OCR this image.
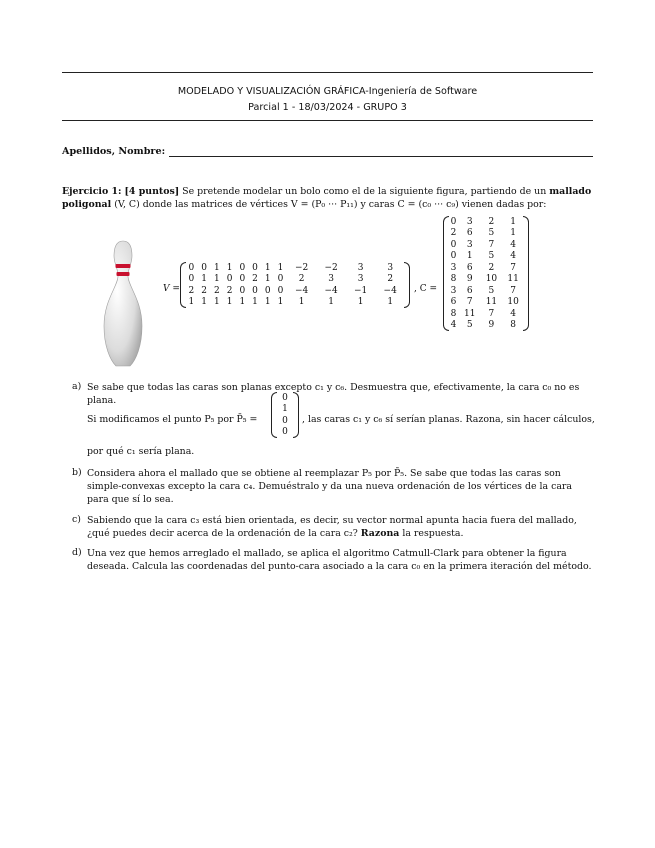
MODELADO Y VISUALIZACIÓN GRÁFICA-Ingeniería de Software
Parcial 1 - 18/03/2024 - GRUPO 3
Apellidos, Nombre:
Ejercicio 1: [4 puntos] Se pretende modelar un bolo como el de la siguiente figura, partiendo de un mallado poligonal (V, C) donde las matrices de vértices V = (P₀ ··· P₁₁) y caras C = (c₀ ··· c₉) vienen dadas por:
V =
0	0	1	1	0	0	1	1	−2	−2	3	3
0	1	1	0	0	2	1	0	2	3	3	2
2	2	2	2	0	0	0	0	−4	−4	−1	−4
1	1	1	1	1	1	1	1	1	1	1	1
, C =
0	3	2	1
2	6	5	1
0	3	7	4
0	1	5	4
3	6	2	7
8	9	10	11
3	6	5	7
6	7	11	10
8	11	7	4
4	5	9	8
a) Se sabe que todas las caras son planas excepto c₁ y c₆. Desmuestra que, efectivamente, la cara c₀ no es plana.
Si modificamos el punto P₅ por P̄₅ =
0
1
0
0
, las caras c₁ y c₆ sí serían planas. Razona, sin hacer cálculos,
por qué c₁ sería plana.
b) Considera ahora el mallado que se obtiene al reemplazar P₅ por P̄₅. Se sabe que todas las caras son simple-convexas excepto la cara c₄. Demuéstralo y da una nueva ordenación de los vértices de la cara para que sí lo sea.
c) Sabiendo que la cara c₃ está bien orientada, es decir, su vector normal apunta hacia fuera del mallado, ¿qué puedes decir acerca de la ordenación de la cara c₂? Razona la respuesta.
d) Una vez que hemos arreglado el mallado, se aplica el algoritmo Catmull-Clark para obtener la figura deseada. Calcula las coordenadas del punto-cara asociado a la cara c₀ en la primera iteración del método.
